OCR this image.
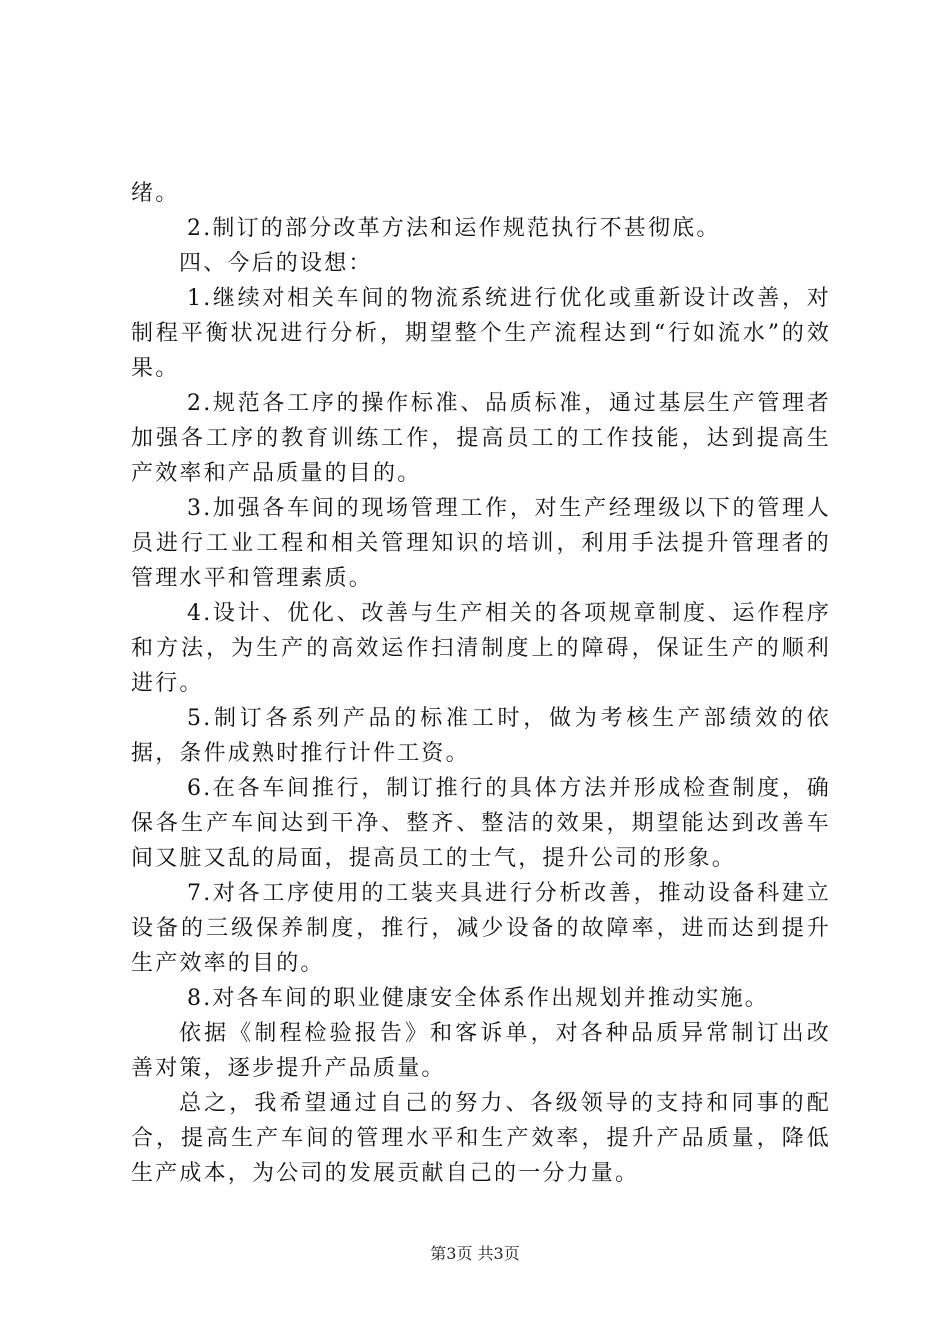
绪。

2.制订的部分改革方法和运作规范执行不甚彻底。

四、今后的设想：

1.继续对相关车间的物流系统进行优化或重新设计改善，对制程平衡状况进行分析，期望整个生产流程达到“行如流水”的效果。

2.规范各工序的操作标准、品质标准，通过基层生产管理者加强各工序的教育训练工作，提高员工的工作技能，达到提高生产效率和产品质量的目的。

3.加强各车间的现场管理工作，对生产经理级以下的管理人员进行工业工程和相关管理知识的培训，利用手法提升管理者的管理水平和管理素质。

4.设计、优化、改善与生产相关的各项规章制度、运作程序和方法，为生产的高效运作扫清制度上的障碍，保证生产的顺利进行。

5.制订各系列产品的标准工时，做为考核生产部绩效的依据，条件成熟时推行计件工资。

6.在各车间推行，制订推行的具体方法并形成检查制度，确保各生产车间达到干净、整齐、整洁的效果，期望能达到改善车间又脏又乱的局面，提高员工的士气，提升公司的形象。

7.对各工序使用的工装夹具进行分析改善，推动设备科建立设备的三级保养制度，推行，减少设备的故障率，进而达到提升生产效率的目的。

8.对各车间的职业健康安全体系作出规划并推动实施。

依据《制程检验报告》和客诉单，对各种品质异常制订出改善对策，逐步提升产品质量。

总之，我希望通过自己的努力、各级领导的支持和同事的配合，提高生产车间的管理水平和生产效率，提升产品质量，降低生产成本，为公司的发展贡献自己的一分力量。

第3页 共3页
